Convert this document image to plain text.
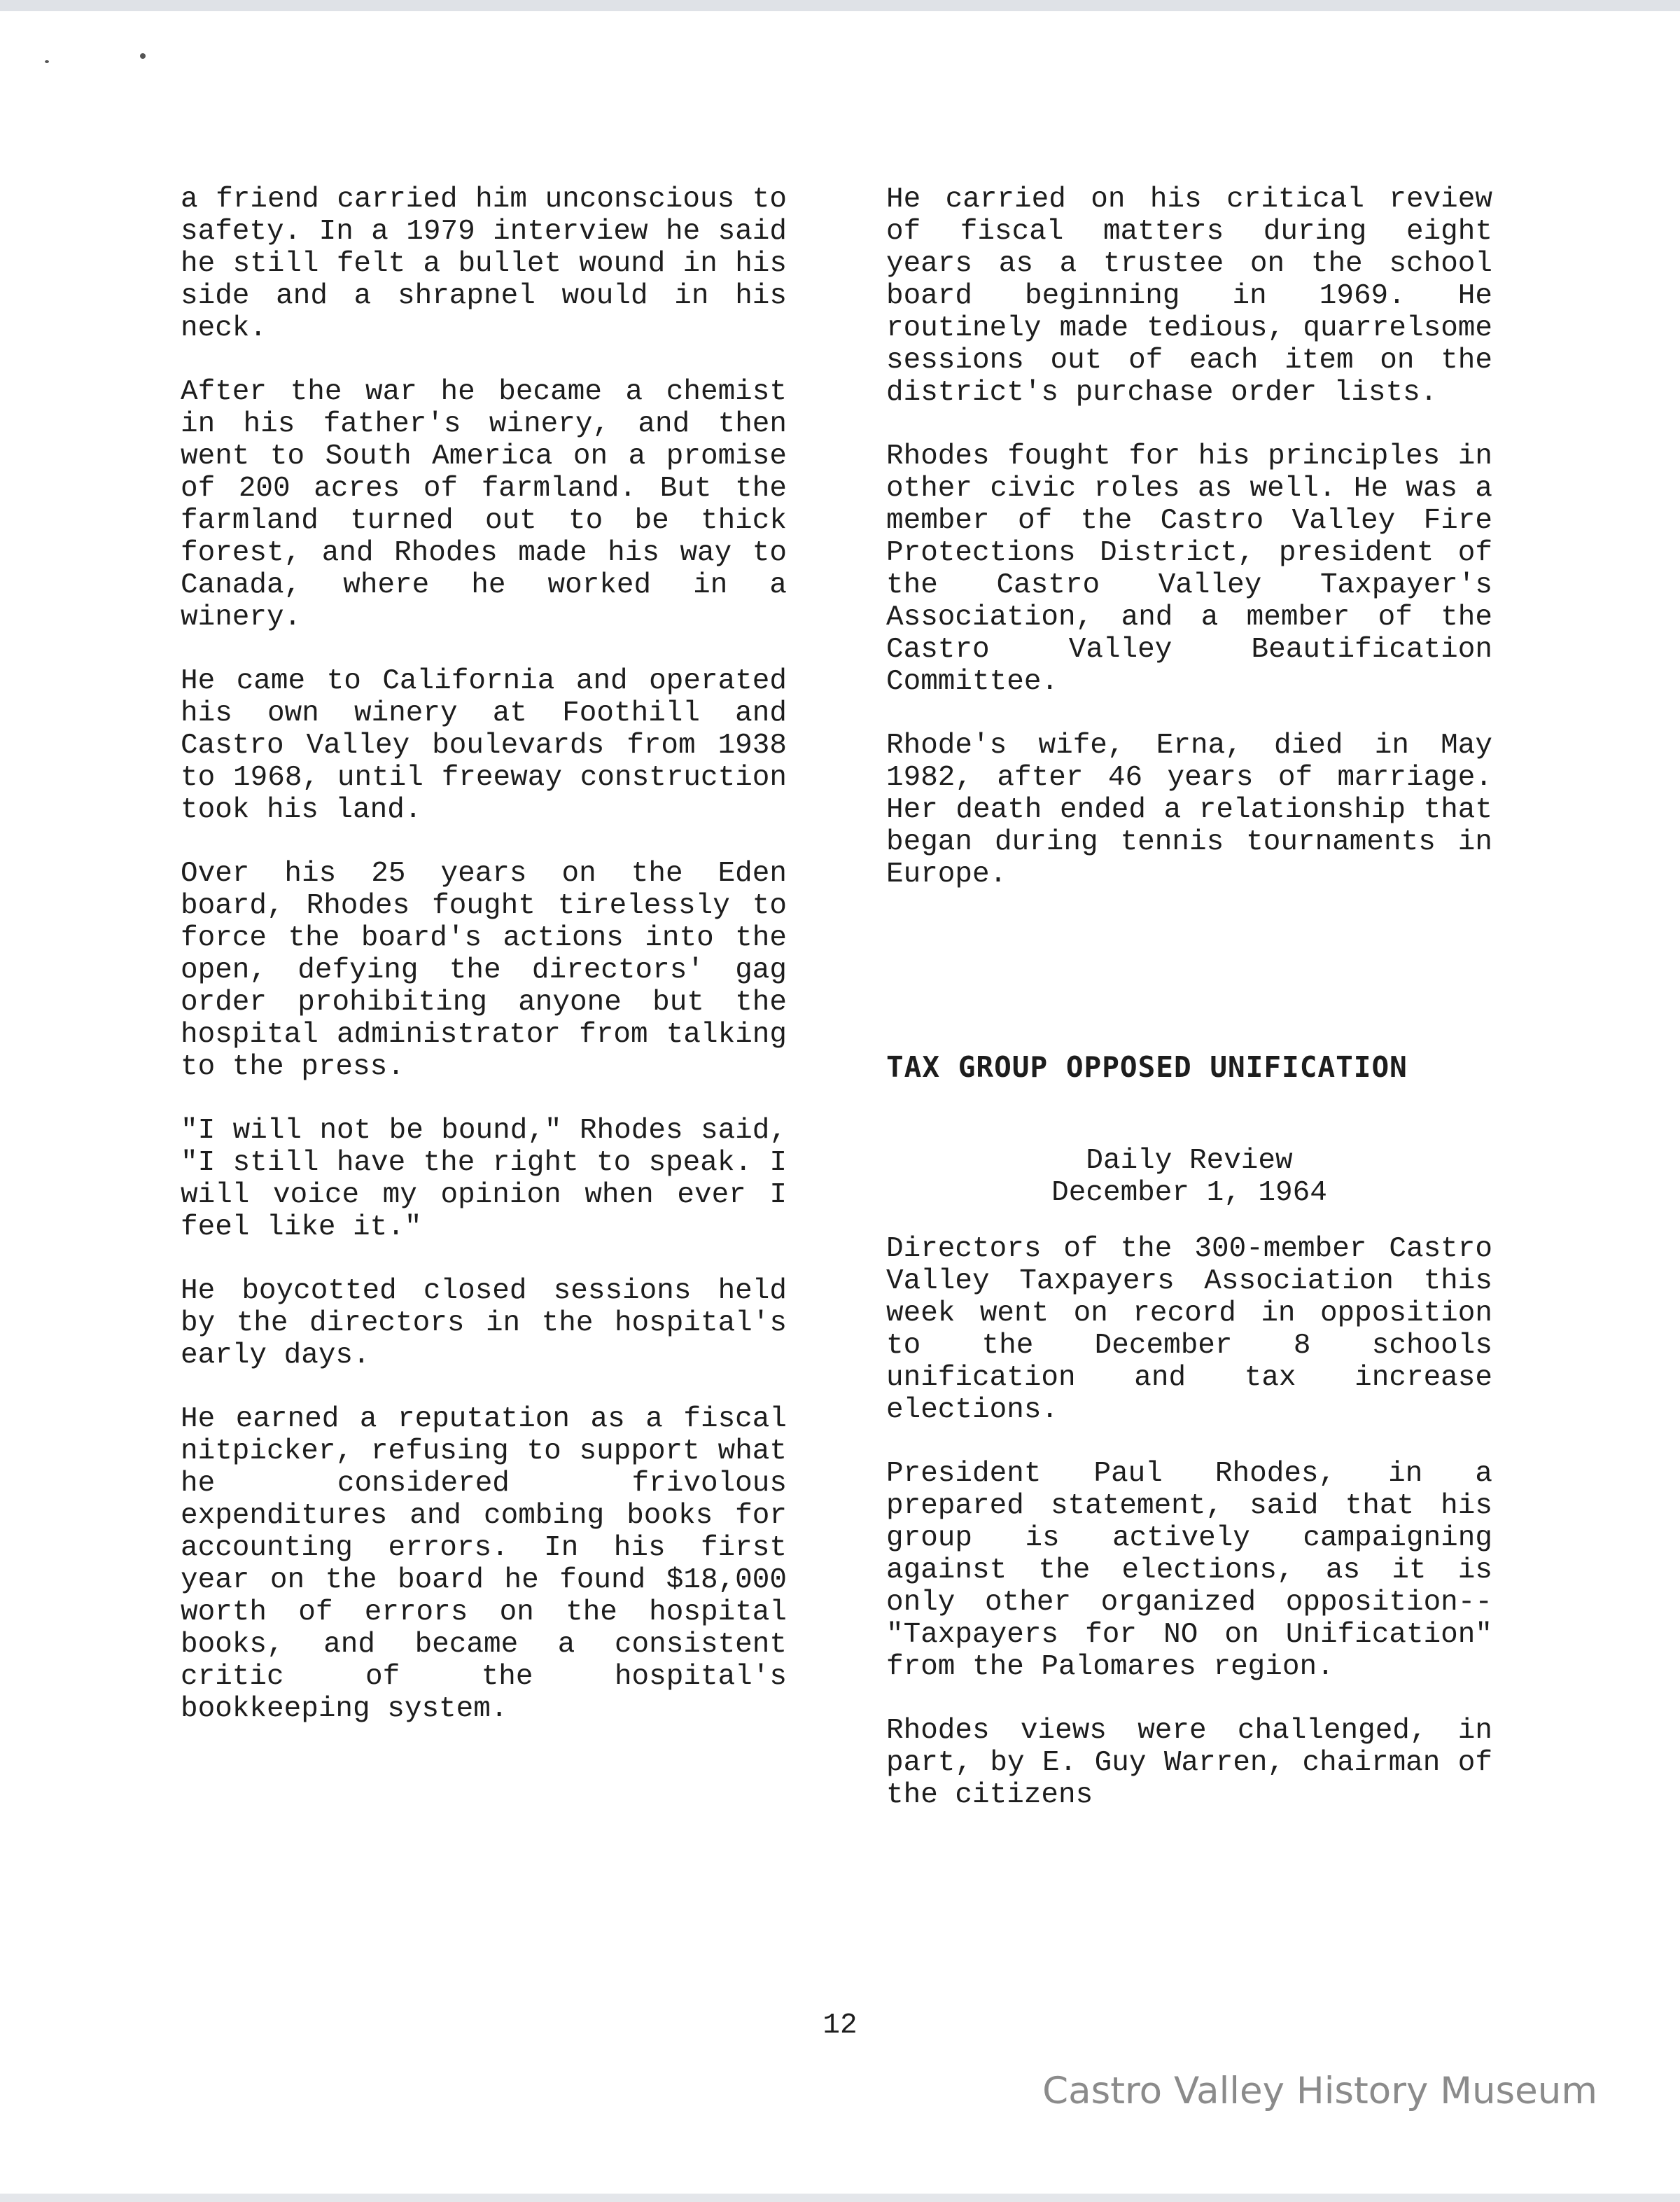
a friend carried him unconscious to safety. In a 1979 interview he said he still felt a bullet wound in his side and a shrapnel would in his neck.

After the war he became a chemist in his father's winery, and then went to South America on a promise of 200 acres of farmland. But the farmland turned out to be thick forest, and Rhodes made his way to Canada, where he worked in a winery.

He came to California and operated his own winery at Foothill and Castro Valley boulevards from 1938 to 1968, until freeway construction took his land.

Over his 25 years on the Eden board, Rhodes fought tirelessly to force the board's actions into the open, defying the directors' gag order prohibiting anyone but the hospital administrator from talking to the press.

"I will not be bound," Rhodes said, "I still have the right to speak. I will voice my opinion when ever I feel like it."

He boycotted closed sessions held by the directors in the hospital's early days.

He earned a reputation as a fiscal nitpicker, refusing to support what he considered frivolous expenditures and combing books for accounting errors. In his first year on the board he found $18,000 worth of errors on the hospital books, and became a consistent critic of the hospital's bookkeeping system.

He carried on his critical review of fiscal matters during eight years as a trustee on the school board beginning in 1969. He routinely made tedious, quarrelsome sessions out of each item on the district's purchase order lists.

Rhodes fought for his principles in other civic roles as well. He was a member of the Castro Valley Fire Protections District, president of the Castro Valley Taxpayer's Association, and a member of the Castro Valley Beautification Committee.

Rhode's wife, Erna, died in May 1982, after 46 years of marriage. Her death ended a relationship that began during tennis tournaments in Europe.

TAX GROUP OPPOSED UNIFICATION
Daily Review
December 1, 1964

Directors of the 300-member Castro Valley Taxpayers Association this week went on record in opposition to the December 8 schools unification and tax increase elections.

President Paul Rhodes, in a prepared statement, said that his group is actively campaigning against the elections, as it is only other organized opposition--"Taxpayers for NO on Unification" from the Palomares region.

Rhodes views were challenged, in part, by E. Guy Warren, chairman of the citizens

12
Castro Valley History Museum
